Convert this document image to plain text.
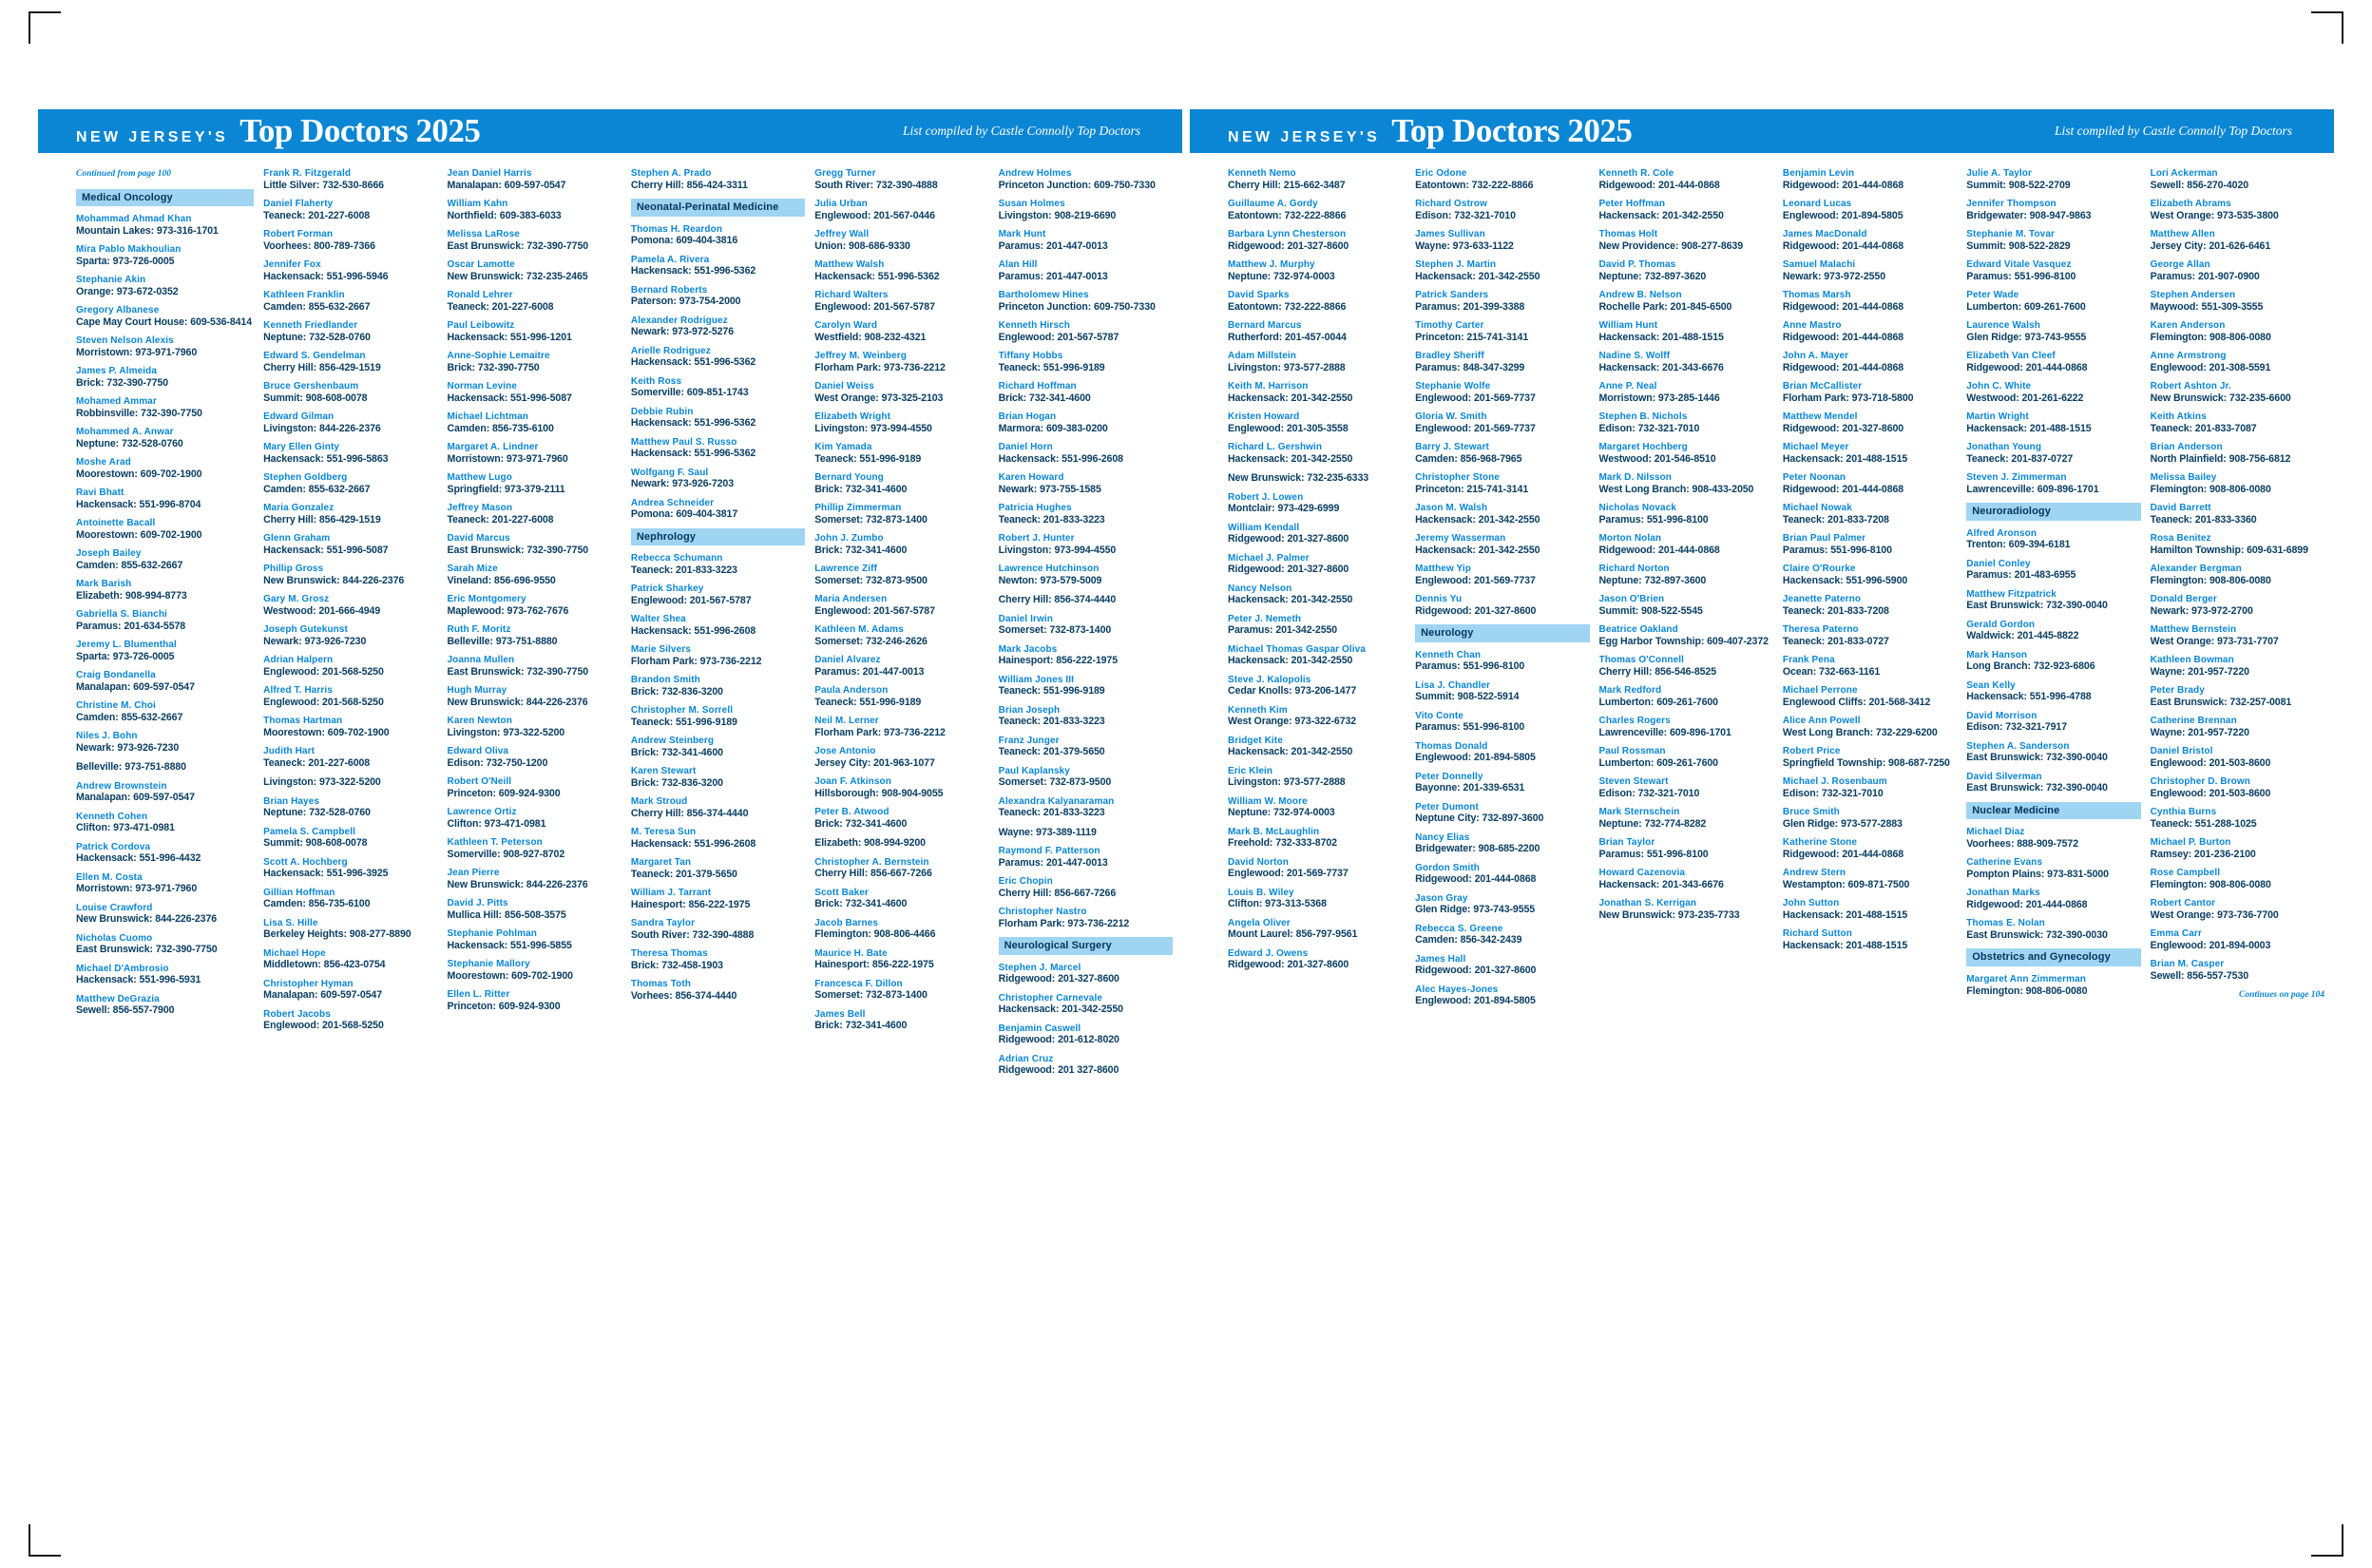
NEW JERSEY'S Top Doctors 2025	List compiled by Castle Connolly Top Doctors
Continued from page 100
Medical Oncology
Mohammad Ahmad Khan
Mountain Lakes: 973-316-1701
Mira Pablo Makhoulian
Sparta: 973-726-0005
Stephanie Akin
Orange: 973-672-0352
Gregory Albanese
Cape May Court House: 609-536-8414
Steven Nelson Alexis
Morristown: 973-971-7960
James P. Almeida
Brick: 732-390-7750
Mohamed Ammar
Robbinsville: 732-390-7750
Mohammed A. Anwar
Neptune: 732-528-0760
Moshe Arad
Moorestown: 609-702-1900
Ravi Bhatt
Hackensack: 551-996-8704
Antoinette Bacall
Moorestown: 609-702-1900
Joseph Bailey
Camden: 855-632-2667
Mark Barish
Elizabeth: 908-994-8773
Gabriella S. Bianchi
Paramus: 201-634-5578
Jeremy L. Blumenthal
Sparta: 973-726-0005
Craig Bondanella
Manalapan: 609-597-0547
Christine M. Choi
Camden: 855-632-2667
Niles J. Bohn
Newark: 973-926-7230
Belleville: 973-751-8880
Andrew Brownstein
Manalapan: 609-597-0547
Kenneth Cohen
Clifton: 973-471-0981
Patrick Cordova
Hackensack: 551-996-4432
Ellen M. Costa
Morristown: 973-971-7960
Louise Crawford
New Brunswick: 844-226-2376
Nicholas Cuomo
East Brunswick: 732-390-7750
Michael D'Ambrosio
Hackensack: 551-996-5931
Matthew DeGrazia
Sewell: 856-557-7900
Frank R. Fitzgerald
Little Silver: 732-530-8666
Daniel Flaherty
Teaneck: 201-227-6008
Robert Forman
Voorhees: 800-789-7366
Jennifer Fox
Hackensack: 551-996-5946
Kathleen Franklin
Camden: 855-632-2667
Kenneth Friedlander
Neptune: 732-528-0760
Edward S. Gendelman
Cherry Hill: 856-429-1519
Bruce Gershenbaum
Summit: 908-608-0078
Edward Gilman
Livingston: 844-226-2376
Mary Ellen Ginty
Hackensack: 551-996-5863
Stephen Goldberg
Camden: 855-632-2667
Maria Gonzalez
Cherry Hill: 856-429-1519
Glenn Graham
Hackensack: 551-996-5087
Phillip Gross
New Brunswick: 844-226-2376
Gary M. Grosz
Westwood: 201-666-4949
Joseph Gutekunst
Newark: 973-926-7230
Adrian Halpern
Englewood: 201-568-5250
Alfred T. Harris
Englewood: 201-568-5250
Thomas Hartman
Moorestown: 609-702-1900
Judith Hart
Teaneck: 201-227-6008
Livingston: 973-322-5200
Brian Hayes
Neptune: 732-528-0760
Pamela S. Campbell
Summit: 908-608-0078
Scott A. Hochberg
Hackensack: 551-996-3925
Gillian Hoffman
Camden: 856-735-6100
Lisa S. Hille
Berkeley Heights: 908-277-8890
Michael Hope
Middletown: 856-423-0754
Christopher Hyman
Manalapan: 609-597-0547
Robert Jacobs
Englewood: 201-568-5250
Jean Daniel Harris
Manalapan: 609-597-0547
William Kahn
Northfield: 609-383-6033
Melissa LaRose
East Brunswick: 732-390-7750
Oscar Lamotte
New Brunswick: 732-235-2465
Ronald Lehrer
Teaneck: 201-227-6008
Paul Leibowitz
Hackensack: 551-996-1201
Anne-Sophie Lemaitre
Brick: 732-390-7750
Norman Levine
Hackensack: 551-996-5087
Michael Lichtman
Camden: 856-735-6100
Margaret A. Lindner
Morristown: 973-971-7960
Matthew Lugo
Springfield: 973-379-2111
Jeffrey Mason
Teaneck: 201-227-6008
David Marcus
East Brunswick: 732-390-7750
Sarah Mize
Vineland: 856-696-9550
Eric Montgomery
Maplewood: 973-762-7676
Ruth F. Moritz
Belleville: 973-751-8880
Joanna Mullen
East Brunswick: 732-390-7750
Hugh Murray
New Brunswick: 844-226-2376
Karen Newton
Livingston: 973-322-5200
Edward Oliva
Edison: 732-750-1200
Robert O'Neill
Princeton: 609-924-9300
Lawrence Ortiz
Clifton: 973-471-0981
Kathleen T. Peterson
Somerville: 908-927-8702
Jean Pierre
New Brunswick: 844-226-2376
David J. Pitts
Mullica Hill: 856-508-3575
Stephanie Pohlman
Hackensack: 551-996-5855
Stephanie Mallory
Moorestown: 609-702-1900
Ellen L. Ritter
Princeton: 609-924-9300
Stephen A. Prado
Cherry Hill: 856-424-3311
Neonatal-Perinatal Medicine
Thomas H. Reardon
Pomona: 609-404-3816
Pamela A. Rivera
Hackensack: 551-996-5362
Bernard Roberts
Paterson: 973-754-2000
Alexander Rodriguez
Newark: 973-972-5276
Arielle Rodriguez
Hackensack: 551-996-5362
Keith Ross
Somerville: 609-851-1743
Debbie Rubin
Hackensack: 551-996-5362
Matthew Paul S. Russo
Hackensack: 551-996-5362
Wolfgang F. Saul
Newark: 973-926-7203
Andrea Schneider
Pomona: 609-404-3817
Nephrology
Rebecca Schumann
Teaneck: 201-833-3223
Patrick Sharkey
Englewood: 201-567-5787
Walter Shea
Hackensack: 551-996-2608
Marie Silvers
Florham Park: 973-736-2212
Brandon Smith
Brick: 732-836-3200
Christopher M. Sorrell
Teaneck: 551-996-9189
Andrew Steinberg
Brick: 732-341-4600
Karen Stewart
Brick: 732-836-3200
Mark Stroud
Cherry Hill: 856-374-4440
M. Teresa Sun
Hackensack: 551-996-2608
Margaret Tan
Teaneck: 201-379-5650
William J. Tarrant
Hainesport: 856-222-1975
Sandra Taylor
South River: 732-390-4888
Theresa Thomas
Brick: 732-458-1903
Thomas Toth
Vorhees: 856-374-4440
Gregg Turner
South River: 732-390-4888
Julia Urban
Englewood: 201-567-0446
Jeffrey Wall
Union: 908-686-9330
Matthew Walsh
Hackensack: 551-996-5362
Richard Walters
Englewood: 201-567-5787
Carolyn Ward
Westfield: 908-232-4321
Jeffrey M. Weinberg
Florham Park: 973-736-2212
Daniel Weiss
West Orange: 973-325-2103
Elizabeth Wright
Livingston: 973-994-4550
Kim Yamada
Teaneck: 551-996-9189
Bernard Young
Brick: 732-341-4600
Phillip Zimmerman
Somerset: 732-873-1400
John J. Zumbo
Brick: 732-341-4600
Lawrence Ziff
Somerset: 732-873-9500
Maria Andersen
Englewood: 201-567-5787
Kathleen M. Adams
Somerset: 732-246-2626
Daniel Alvarez
Paramus: 201-447-0013
Paula Anderson
Teaneck: 551-996-9189
Neil M. Lerner
Florham Park: 973-736-2212
Jose Antonio
Jersey City: 201-963-1077
Joan F. Atkinson
Hillsborough: 908-904-9055
Peter B. Atwood
Brick: 732-341-4600
Elizabeth: 908-994-9200
Christopher A. Bernstein
Cherry Hill: 856-667-7266
Scott Baker
Brick: 732-341-4600
Jacob Barnes
Flemington: 908-806-4466
Maurice H. Bate
Hainesport: 856-222-1975
Francesca F. Dillon
Somerset: 732-873-1400
James Bell
Brick: 732-341-4600
Andrew Holmes
Princeton Junction: 609-750-7330
Susan Holmes
Livingston: 908-219-6690
Mark Hunt
Paramus: 201-447-0013
Alan Hill
Paramus: 201-447-0013
Bartholomew Hines
Princeton Junction: 609-750-7330
Kenneth Hirsch
Englewood: 201-567-5787
Tiffany Hobbs
Teaneck: 551-996-9189
Richard Hoffman
Brick: 732-341-4600
Brian Hogan
Marmora: 609-383-0200
Daniel Horn
Hackensack: 551-996-2608
Karen Howard
Newark: 973-755-1585
Patricia Hughes
Teaneck: 201-833-3223
Robert J. Hunter
Livingston: 973-994-4550
Lawrence Hutchinson
Newton: 973-579-5009
Cherry Hill: 856-374-4440
Daniel Irwin
Somerset: 732-873-1400
Mark Jacobs
Hainesport: 856-222-1975
William Jones III
Teaneck: 551-996-9189
Brian Joseph
Teaneck: 201-833-3223
Franz Junger
Teaneck: 201-379-5650
Paul Kaplansky
Somerset: 732-873-9500
Alexandra Kalyanaraman
Teaneck: 201-833-3223
Wayne: 973-389-1119
Raymond F. Patterson
Paramus: 201-447-0013
Eric Chopin
Cherry Hill: 856-667-7266
Christopher Nastro
Florham Park: 973-736-2212
Neurological Surgery
Stephen J. Marcel
Ridgewood: 201-327-8600
Christopher Carnevale
Hackensack: 201-342-2550
Benjamin Caswell
Ridgewood: 201-612-8020
Adrian Cruz
Ridgewood: 201 327-8600
NEW JERSEY'S Top Doctors 2025	List compiled by Castle Connolly Top Doctors
Kenneth Nemo
Cherry Hill: 215-662-3487
Guillaume A. Gordy
Eatontown: 732-222-8866
Barbara Lynn Chesterson
Ridgewood: 201-327-8600
Matthew J. Murphy
Neptune: 732-974-0003
David Sparks
Eatontown: 732-222-8866
Bernard Marcus
Rutherford: 201-457-0044
Adam Millstein
Livingston: 973-577-2888
Keith M. Harrison
Hackensack: 201-342-2550
Kristen Howard
Englewood: 201-305-3558
Richard L. Gershwin
Hackensack: 201-342-2550
New Brunswick: 732-235-6333
Robert J. Lowen
Montclair: 973-429-6999
William Kendall
Ridgewood: 201-327-8600
Michael J. Palmer
Ridgewood: 201-327-8600
Nancy Nelson
Hackensack: 201-342-2550
Peter J. Nemeth
Paramus: 201-342-2550
Michael Thomas Gaspar Oliva
Hackensack: 201-342-2550
Steve J. Kalopolis
Cedar Knolls: 973-206-1477
Kenneth Kim
West Orange: 973-322-6732
Bridget Kite
Hackensack: 201-342-2550
Eric Klein
Livingston: 973-577-2888
William W. Moore
Neptune: 732-974-0003
Mark B. McLaughlin
Freehold: 732-333-8702
David Norton
Englewood: 201-569-7737
Louis B. Wiley
Clifton: 973-313-5368
Angela Oliver
Mount Laurel: 856-797-9561
Edward J. Owens
Ridgewood: 201-327-8600
Eric Odone
Eatontown: 732-222-8866
Richard Ostrow
Edison: 732-321-7010
James Sullivan
Wayne: 973-633-1122
Stephen J. Martin
Hackensack: 201-342-2550
Patrick Sanders
Paramus: 201-399-3388
Timothy Carter
Princeton: 215-741-3141
Bradley Sheriff
Paramus: 848-347-3299
Stephanie Wolfe
Englewood: 201-569-7737
Gloria W. Smith
Englewood: 201-569-7737
Barry J. Stewart
Camden: 856-968-7965
Christopher Stone
Princeton: 215-741-3141
Jason M. Walsh
Hackensack: 201-342-2550
Jeremy Wasserman
Hackensack: 201-342-2550
Matthew Yip
Englewood: 201-569-7737
Dennis Yu
Ridgewood: 201-327-8600
Neurology
Kenneth Chan
Paramus: 551-996-8100
Lisa J. Chandler
Summit: 908-522-5914
Vito Conte
Paramus: 551-996-8100
Thomas Donald
Englewood: 201-894-5805
Peter Donnelly
Bayonne: 201-339-6531
Peter Dumont
Neptune City: 732-897-3600
Nancy Elias
Bridgewater: 908-685-2200
Gordon Smith
Ridgewood: 201-444-0868
Jason Gray
Glen Ridge: 973-743-9555
Rebecca S. Greene
Camden: 856-342-2439
James Hall
Ridgewood: 201-327-8600
Alec Hayes-Jones
Englewood: 201-894-5805
Kenneth R. Cole
Ridgewood: 201-444-0868
Peter Hoffman
Hackensack: 201-342-2550
Thomas Holt
New Providence: 908-277-8639
David P. Thomas
Neptune: 732-897-3620
Andrew B. Nelson
Rochelle Park: 201-845-6500
William Hunt
Hackensack: 201-488-1515
Nadine S. Wolff
Hackensack: 201-343-6676
Anne P. Neal
Morristown: 973-285-1446
Stephen B. Nichols
Edison: 732-321-7010
Margaret Hochberg
Westwood: 201-546-8510
Mark D. Nilsson
West Long Branch: 908-433-2050
Nicholas Novack
Paramus: 551-996-8100
Morton Nolan
Ridgewood: 201-444-0868
Richard Norton
Neptune: 732-897-3600
Jason O'Brien
Summit: 908-522-5545
Beatrice Oakland
Egg Harbor Township: 609-407-2372
Thomas O'Connell
Cherry Hill: 856-546-8525
Mark Redford
Lumberton: 609-261-7600
Charles Rogers
Lawrenceville: 609-896-1701
Paul Rossman
Lumberton: 609-261-7600
Steven Stewart
Edison: 732-321-7010
Mark Sternschein
Neptune: 732-774-8282
Brian Taylor
Paramus: 551-996-8100
Howard Cazenovia
Hackensack: 201-343-6676
Jonathan S. Kerrigan
New Brunswick: 973-235-7733
Benjamin Levin
Ridgewood: 201-444-0868
Leonard Lucas
Englewood: 201-894-5805
James MacDonald
Ridgewood: 201-444-0868
Samuel Malachi
Newark: 973-972-2550
Thomas Marsh
Ridgewood: 201-444-0868
Anne Mastro
Ridgewood: 201-444-0868
John A. Mayer
Ridgewood: 201-444-0868
Brian McCallister
Florham Park: 973-718-5800
Matthew Mendel
Ridgewood: 201-327-8600
Michael Meyer
Hackensack: 201-488-1515
Peter Noonan
Ridgewood: 201-444-0868
Michael Nowak
Teaneck: 201-833-7208
Brian Paul Palmer
Paramus: 551-996-8100
Claire O'Rourke
Hackensack: 551-996-5900
Jeanette Paterno
Teaneck: 201-833-7208
Theresa Paterno
Teaneck: 201-833-0727
Frank Pena
Ocean: 732-663-1161
Michael Perrone
Englewood Cliffs: 201-568-3412
Alice Ann Powell
West Long Branch: 732-229-6200
Robert Price
Springfield Township: 908-687-7250
Michael J. Rosenbaum
Edison: 732-321-7010
Bruce Smith
Glen Ridge: 973-577-2883
Katherine Stone
Ridgewood: 201-444-0868
Andrew Stern
Westampton: 609-871-7500
John Sutton
Hackensack: 201-488-1515
Richard Sutton
Hackensack: 201-488-1515
Julie A. Taylor
Summit: 908-522-2709
Jennifer Thompson
Bridgewater: 908-947-9863
Stephanie M. Tovar
Summit: 908-522-2829
Edward Vitale Vasquez
Paramus: 551-996-8100
Peter Wade
Lumberton: 609-261-7600
Laurence Walsh
Glen Ridge: 973-743-9555
Elizabeth Van Cleef
Ridgewood: 201-444-0868
John C. White
Westwood: 201-261-6222
Martin Wright
Hackensack: 201-488-1515
Jonathan Young
Teaneck: 201-837-0727
Steven J. Zimmerman
Lawrenceville: 609-896-1701
Neuroradiology
Alfred Aronson
Trenton: 609-394-6181
Daniel Conley
Paramus: 201-483-6955
Matthew Fitzpatrick
East Brunswick: 732-390-0040
Gerald Gordon
Waldwick: 201-445-8822
Mark Hanson
Long Branch: 732-923-6806
Sean Kelly
Hackensack: 551-996-4788
David Morrison
Edison: 732-321-7917
Stephen A. Sanderson
East Brunswick: 732-390-0040
David Silverman
East Brunswick: 732-390-0040
Nuclear Medicine
Michael Diaz
Voorhees: 888-909-7572
Catherine Evans
Pompton Plains: 973-831-5000
Jonathan Marks
Ridgewood: 201-444-0868
Thomas E. Nolan
East Brunswick: 732-390-0030
Obstetrics and Gynecology
Margaret Ann Zimmerman
Flemington: 908-806-0080
Lori Ackerman
Sewell: 856-270-4020
Elizabeth Abrams
West Orange: 973-535-3800
Matthew Allen
Jersey City: 201-626-6461
George Allan
Paramus: 201-907-0900
Stephen Andersen
Maywood: 551-309-3555
Karen Anderson
Flemington: 908-806-0080
Anne Armstrong
Englewood: 201-308-5591
Robert Ashton Jr.
New Brunswick: 732-235-6600
Keith Atkins
Teaneck: 201-833-7087
Brian Anderson
North Plainfield: 908-756-6812
Melissa Bailey
Flemington: 908-806-0080
David Barrett
Teaneck: 201-833-3360
Rosa Benitez
Hamilton Township: 609-631-6899
Alexander Bergman
Flemington: 908-806-0080
Donald Berger
Newark: 973-972-2700
Matthew Bernstein
West Orange: 973-731-7707
Kathleen Bowman
Wayne: 201-957-7220
Peter Brady
East Brunswick: 732-257-0081
Catherine Brennan
Wayne: 201-957-7220
Daniel Bristol
Englewood: 201-503-8600
Christopher D. Brown
Englewood: 201-503-8600
Cynthia Burns
Teaneck: 551-288-1025
Michael P. Burton
Ramsey: 201-236-2100
Rose Campbell
Flemington: 908-806-0080
Robert Cantor
West Orange: 973-736-7700
Emma Carr
Englewood: 201-894-0003
Brian M. Casper
Sewell: 856-557-7530
Continues on page 104
